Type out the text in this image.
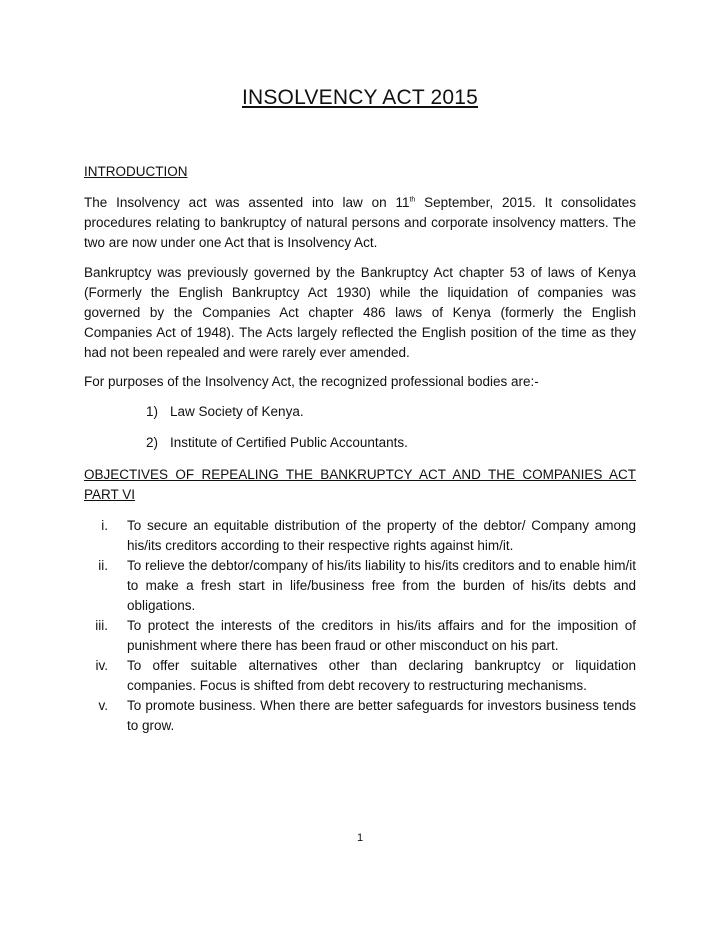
INSOLVENCY ACT 2015

INTRODUCTION

The Insolvency act was assented into law on 11th September, 2015. It consolidates procedures relating to bankruptcy of natural persons and corporate insolvency matters. The two are now under one Act that is Insolvency Act.

Bankruptcy was previously governed by the Bankruptcy Act chapter 53 of laws of Kenya (Formerly the English Bankruptcy Act 1930) while the liquidation of companies was governed by the Companies Act chapter 486 laws of Kenya (formerly the English Companies Act of 1948). The Acts largely reflected the English position of the time as they had not been repealed and were rarely ever amended.

For purposes of the Insolvency Act, the recognized professional bodies are:-

1) Law Society of Kenya.
2) Institute of Certified Public Accountants.
OBJECTIVES OF REPEALING THE BANKRUPTCY ACT AND THE COMPANIES ACT PART VI
i. To secure an equitable distribution of the property of the debtor/ Company among his/its creditors according to their respective rights against him/it.
ii. To relieve the debtor/company of his/its liability to his/its creditors and to enable him/it to make a fresh start in life/business free from the burden of his/its debts and obligations.
iii. To protect the interests of the creditors in his/its affairs and for the imposition of punishment where there has been fraud or other misconduct on his part.
iv. To offer suitable alternatives other than declaring bankruptcy or liquidation companies. Focus is shifted from debt recovery to restructuring mechanisms.
v. To promote business. When there are better safeguards for investors business tends to grow.
1
